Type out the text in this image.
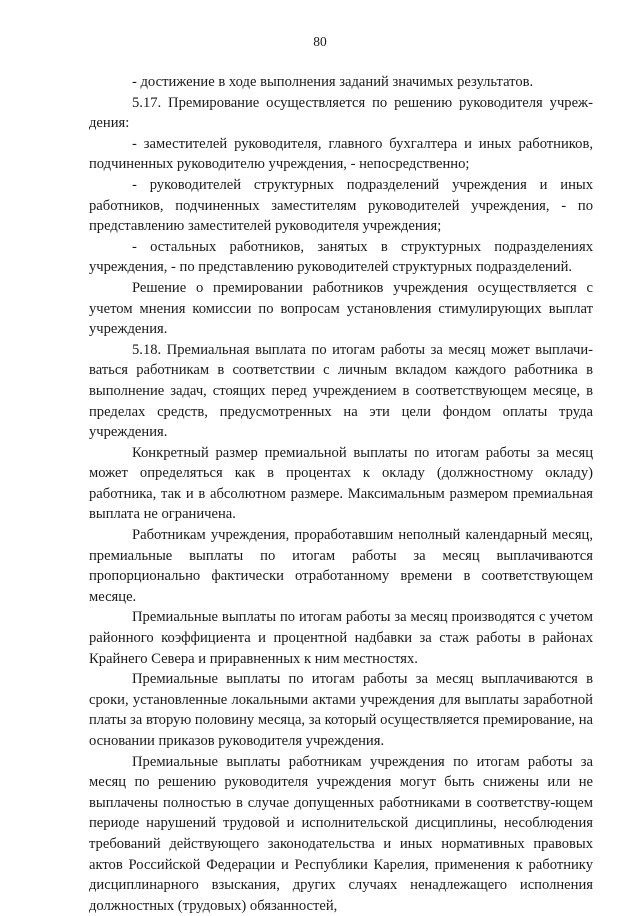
80

- достижение в ходе выполнения заданий значимых результатов.

5.17. Премирование осуществляется по решению руководителя учреж-дения:

- заместителей руководителя, главного бухгалтера и иных работников, подчиненных руководителю учреждения, - непосредственно;

- руководителей структурных подразделений учреждения и иных работников, подчиненных заместителям руководителей учреждения, - по представлению заместителей руководителя учреждения;

- остальных работников, занятых в структурных подразделениях учреждения, - по представлению руководителей структурных подразделений.

Решение о премировании работников учреждения осуществляется с учетом мнения комиссии по вопросам установления стимулирующих выплат учреждения.

5.18. Премиальная выплата по итогам работы за месяц может выплачи-ваться работникам в соответствии с личным вкладом каждого работника в выполнение задач, стоящих перед учреждением в соответствующем месяце, в пределах средств, предусмотренных на эти цели фондом оплаты труда учреждения.

Конкретный размер премиальной выплаты по итогам работы за месяц может определяться как в процентах к окладу (должностному окладу) работника, так и в абсолютном размере. Максимальным размером премиальная выплата не ограничена.

Работникам учреждения, проработавшим неполный календарный месяц, премиальные выплаты по итогам работы за месяц выплачиваются пропорционально фактически отработанному времени в соответствующем месяце.

Премиальные выплаты по итогам работы за месяц производятся с учетом районного коэффициента и процентной надбавки за стаж работы в районах Крайнего Севера и приравненных к ним местностях.

Премиальные выплаты по итогам работы за месяц выплачиваются в сроки, установленные локальными актами учреждения для выплаты заработной платы за вторую половину месяца, за который осуществляется премирование, на основании приказов руководителя учреждения.

Премиальные выплаты работникам учреждения по итогам работы за месяц по решению руководителя учреждения могут быть снижены или не выплачены полностью в случае допущенных работниками в соответству-ющем периоде нарушений трудовой и исполнительской дисциплины, несоблюдения требований действующего законодательства и иных нормативных правовых актов Российской Федерации и Республики Карелия, применения к работнику дисциплинарного взыскания, других случаях ненадлежащего исполнения должностных (трудовых) обязанностей,
